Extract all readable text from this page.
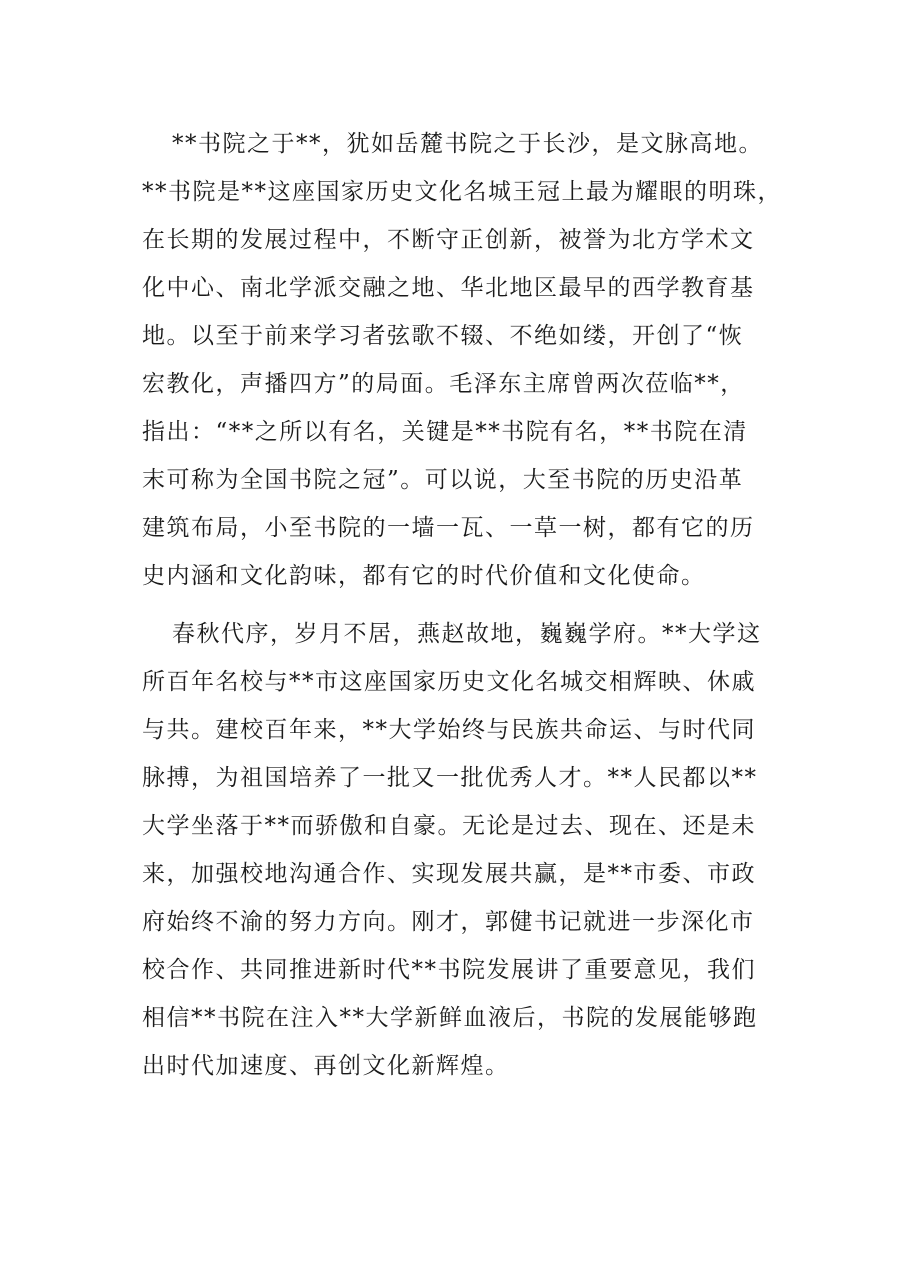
**书院之于**，犹如岳麓书院之于长沙，是文脉高地。
**书院是**这座国家历史文化名城王冠上最为耀眼的明珠，
在长期的发展过程中，不断守正创新，被誉为北方学术文
化中心、南北学派交融之地、华北地区最早的西学教育基
地。以至于前来学习者弦歌不辍、不绝如缕，开创了“恢
宏教化，声播四方”的局面。毛泽东主席曾两次莅临**，
指出：“**之所以有名，关键是**书院有名，**书院在清
末可称为全国书院之冠”。可以说，大至书院的历史沿革
建筑布局，小至书院的一墙一瓦、一草一树，都有它的历
史内涵和文化韵味，都有它的时代价值和文化使命。
春秋代序，岁月不居，燕赵故地，巍巍学府。**大学这
所百年名校与**市这座国家历史文化名城交相辉映、休戚
与共。建校百年来，**大学始终与民族共命运、与时代同
脉搏，为祖国培养了一批又一批优秀人才。**人民都以**
大学坐落于**而骄傲和自豪。无论是过去、现在、还是未
来，加强校地沟通合作、实现发展共赢，是**市委、市政
府始终不渝的努力方向。刚才，郭健书记就进一步深化市
校合作、共同推进新时代**书院发展讲了重要意见，我们
相信**书院在注入**大学新鲜血液后，书院的发展能够跑
出时代加速度、再创文化新辉煌。
